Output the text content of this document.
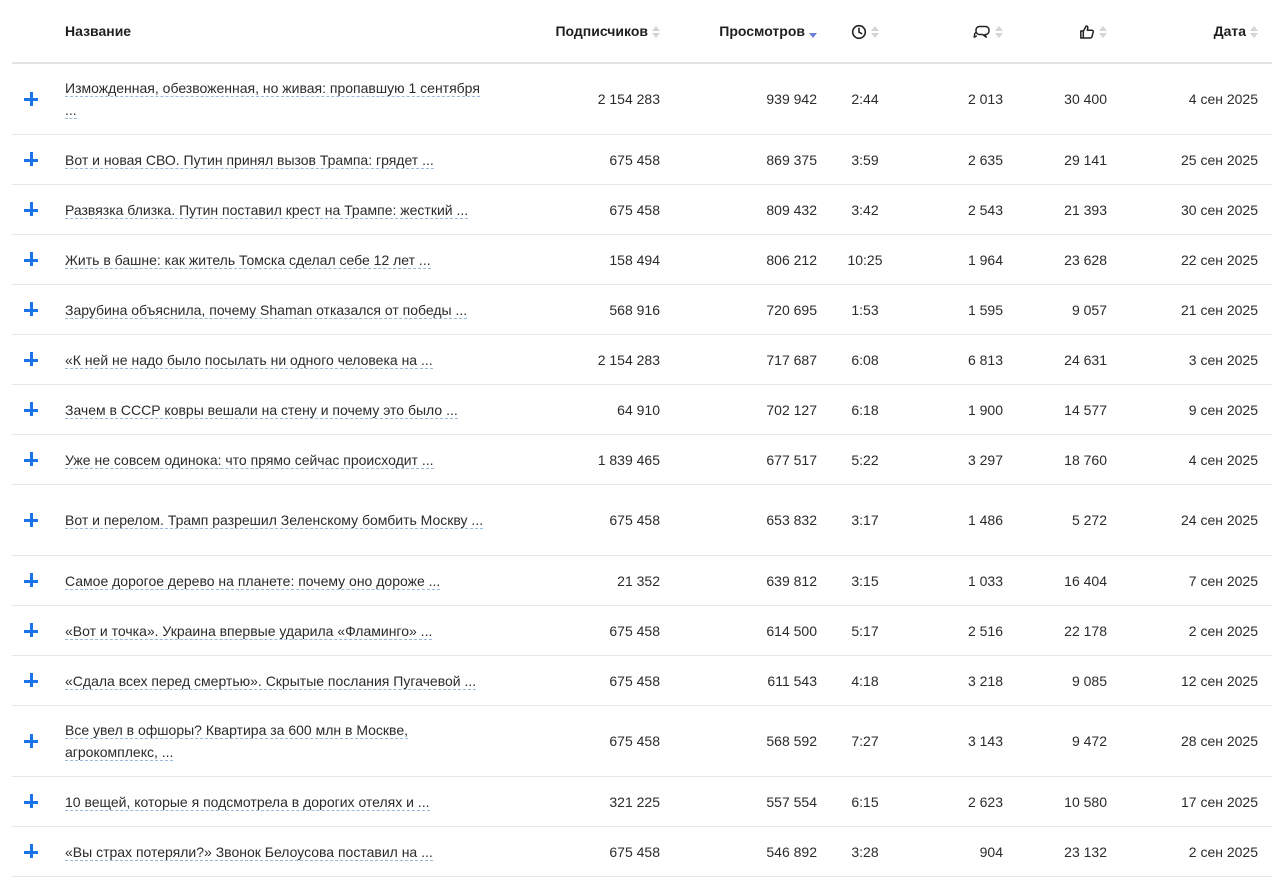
	Название	Подписчиков	Просмотров				Дата
	Изможденная, обезвоженная, но живая: пропавшую 1 сентября ...	2 154 283	939 942	2:44	2 013	30 400	4 сен 2025
	Вот и новая СВО. Путин принял вызов Трампа: грядет ...	675 458	869 375	3:59	2 635	29 141	25 сен 2025
	Развязка близка. Путин поставил крест на Трампе: жесткий ...	675 458	809 432	3:42	2 543	21 393	30 сен 2025
	Жить в башне: как житель Томска сделал себе 12 лет ...	158 494	806 212	10:25	1 964	23 628	22 сен 2025
	Зарубина объяснила, почему Shaman отказался от победы ...	568 916	720 695	1:53	1 595	9 057	21 сен 2025
	«К ней не надо было посылать ни одного человека на ...	2 154 283	717 687	6:08	6 813	24 631	3 сен 2025
	Зачем в СССР ковры вешали на стену и почему это было ...	64 910	702 127	6:18	1 900	14 577	9 сен 2025
	Уже не совсем одинока: что прямо сейчас происходит ...	1 839 465	677 517	5:22	3 297	18 760	4 сен 2025
	Вот и перелом. Трамп разрешил Зеленскому бомбить Москву ...	675 458	653 832	3:17	1 486	5 272	24 сен 2025
	Самое дорогое дерево на планете: почему оно дороже ...	21 352	639 812	3:15	1 033	16 404	7 сен 2025
	«Вот и точка». Украина впервые ударила «Фламинго» ...	675 458	614 500	5:17	2 516	22 178	2 сен 2025
	«Сдала всех перед смертью». Скрытые послания Пугачевой ...	675 458	611 543	4:18	3 218	9 085	12 сен 2025
	Все увел в офшоры? Квартира за 600 млн в Москве, агрокомплекс, ...	675 458	568 592	7:27	3 143	9 472	28 сен 2025
	10 вещей, которые я подсмотрела в дорогих отелях и ...	321 225	557 554	6:15	2 623	10 580	17 сен 2025
	«Вы страх потеряли?» Звонок Белоусова поставил на ...	675 458	546 892	3:28	904	23 132	2 сен 2025
